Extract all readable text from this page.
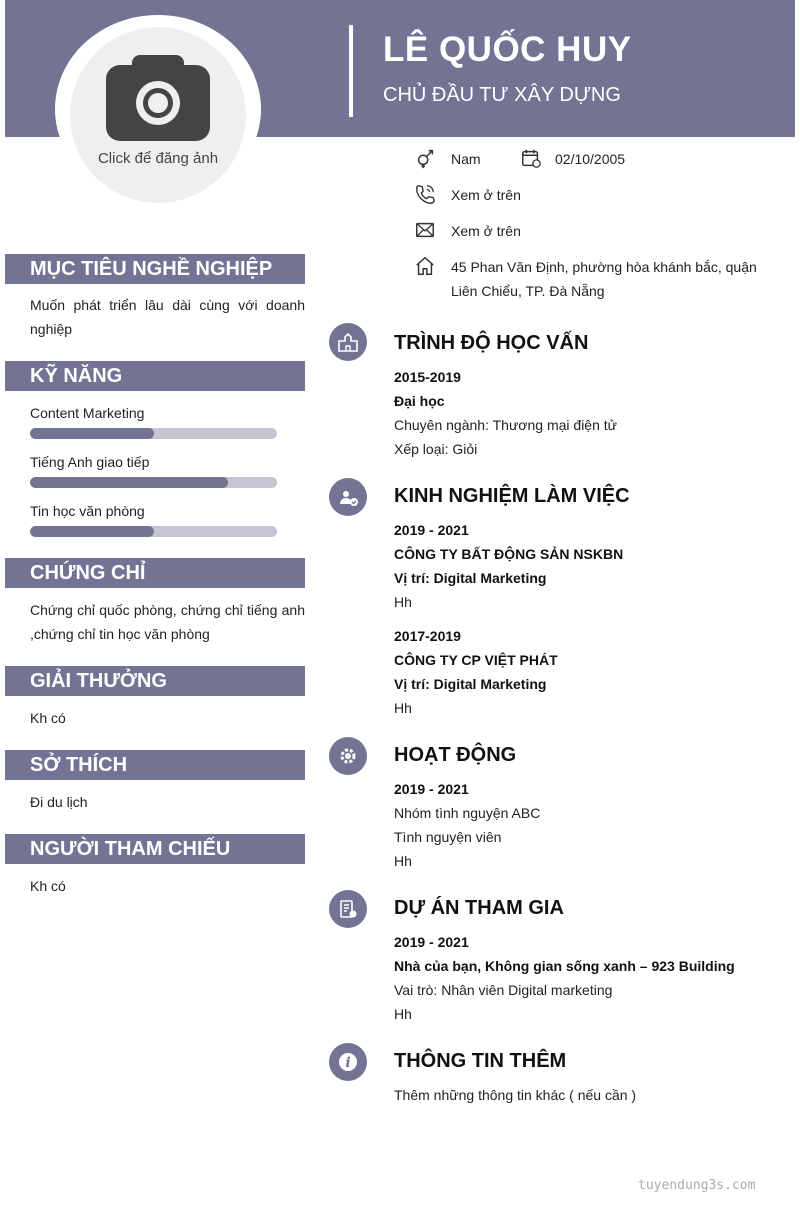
Click để đăng ảnh
LÊ QUỐC HUY
CHỦ ĐẦU TƯ XÂY DỰNG
Nam	02/10/2005
Xem ở trên
Xem ở trên
45 Phan Văn Định, phường hòa khánh bắc, quận
Liên Chiểu, TP. Đà Nẵng
MỤC TIÊU NGHỀ NGHIỆP
Muốn phát triển lâu dài cùng với doanh nghiệp
KỸ NĂNG
Content Marketing
Tiếng Anh giao tiếp
Tin học văn phòng
CHỨNG CHỈ
Chứng chỉ quốc phòng, chứng chỉ tiếng anh ,chứng chỉ tin học văn phòng
GIẢI THƯỞNG
Kh có
SỞ THÍCH
Đi du lịch
NGƯỜI THAM CHIẾU
Kh có
TRÌNH ĐỘ HỌC VẤN
2015-2019
Đại học
Chuyên ngành: Thương mại điện tử
Xếp loại: Giỏi
KINH NGHIỆM LÀM VIỆC
2019 - 2021
CÔNG TY BẤT ĐỘNG SẢN NSKBN
Vị trí: Digital Marketing
Hh
2017-2019
CÔNG TY CP VIỆT PHÁT
Vị trí: Digital Marketing
Hh
HOẠT ĐỘNG
2019 - 2021
Nhóm tình nguyện ABC
Tình nguyện viên
Hh
DỰ ÁN THAM GIA
2019 - 2021
Nhà của bạn, Không gian sống xanh – 923 Building
Vai trò: Nhân viên Digital marketing
Hh
i THÔNG TIN THÊM
Thêm những thông tin khác ( nếu cần )
tuyendung3s.com
